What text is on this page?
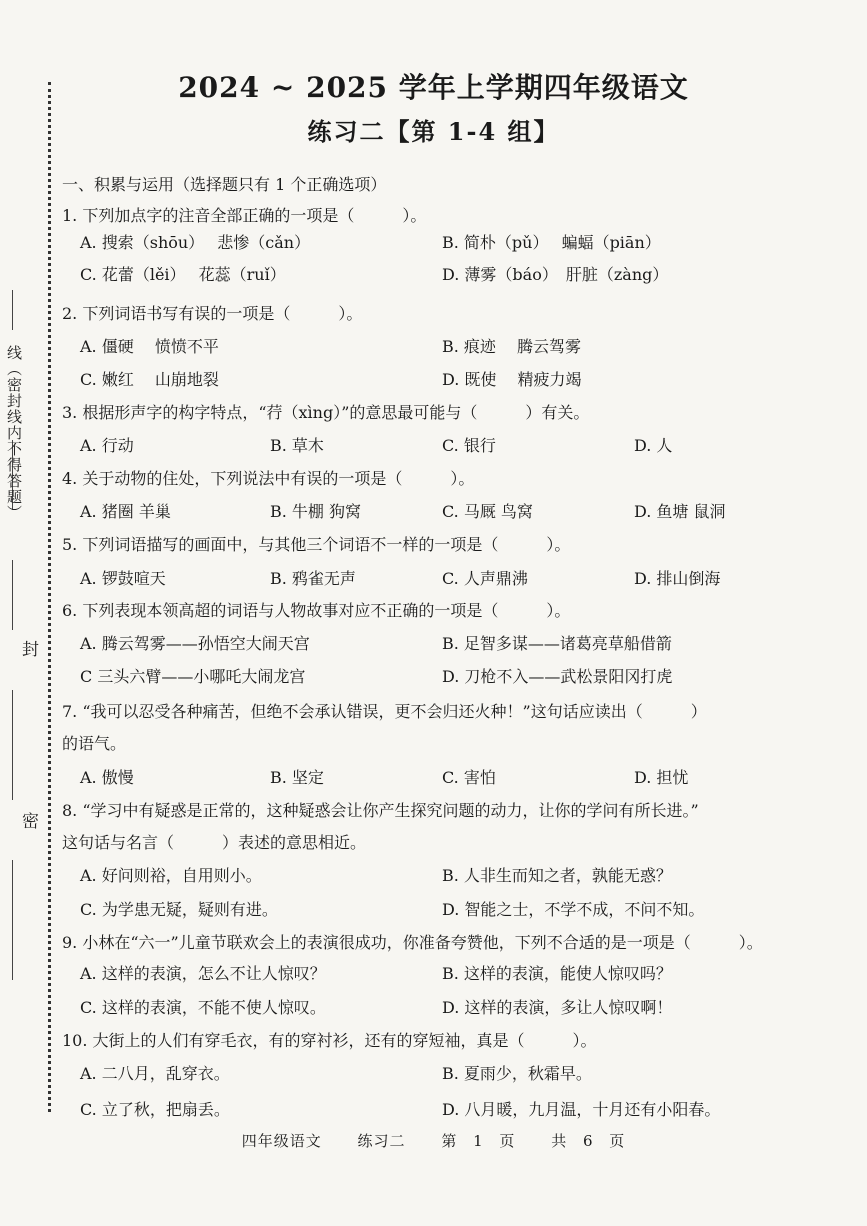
线（密封线内不得答题）
封
密
2024 ~ 2025 学年上学期四年级语文
练习二【第 1-4 组】
一、积累与运用（选择题只有 1 个正确选项）
1. 下列加点字的注音全部正确的一项是（　　　）。
A. 搜索（shōu）　 悲惨（cǎn）	B. 简朴（pǔ）　 蝙蝠（piān）
C. 花蕾（lěi）　 花蕊（ruǐ）	D. 薄雾（báo）　肝脏（zàng）
2. 下列词语书写有误的一项是（　　　）。
A. 僵硬　 愤愤不平	B. 痕迹　 腾云驾雾
C. 嫩红　 山崩地裂	D. 既使　 精疲力竭
3. 根据形声字的构字特点，“荇（xìng）”的意思最可能与（　　　）有关。
A. 行动	B. 草木	C. 银行	D. 人
4. 关于动物的住处，下列说法中有误的一项是（　　　）。
A. 猪圈 羊巢	B. 牛棚 狗窝	C. 马厩 鸟窝	D. 鱼塘 鼠洞
5. 下列词语描写的画面中，与其他三个词语不一样的一项是（　　　）。
A. 锣鼓喧天	B. 鸦雀无声	C. 人声鼎沸	D. 排山倒海
6. 下列表现本领高超的词语与人物故事对应不正确的一项是（　　　）。
A. 腾云驾雾——孙悟空大闹天宫	B. 足智多谋——诸葛亮草船借箭
C 三头六臂——小哪吒大闹龙宫	D. 刀枪不入——武松景阳冈打虎
7. “我可以忍受各种痛苦，但绝不会承认错误，更不会归还火种！”这句话应读出（　　　）
的语气。
A. 傲慢	B. 坚定	C. 害怕	D. 担忧
8. “学习中有疑惑是正常的，这种疑惑会让你产生探究问题的动力，让你的学问有所长进。”
这句话与名言（　　　）表述的意思相近。
A. 好问则裕，自用则小。	B. 人非生而知之者，孰能无惑？
C. 为学患无疑，疑则有进。	D. 智能之士，不学不成，不问不知。
9. 小林在“六一”儿童节联欢会上的表演很成功，你准备夸赞他，下列不合适的是一项是（　　　）。
A. 这样的表演，怎么不让人惊叹？	B. 这样的表演，能使人惊叹吗？
C. 这样的表演，不能不使人惊叹。	D. 这样的表演，多让人惊叹啊！
10. 大街上的人们有穿毛衣，有的穿衬衫，还有的穿短袖，真是（　　　）。
A. 二八月，乱穿衣。	B. 夏雨少，秋霜早。
C. 立了秋，把扇丢。	D. 八月暖，九月温，十月还有小阳春。
四年级语文 练习二 第 1 页 共 6 页
